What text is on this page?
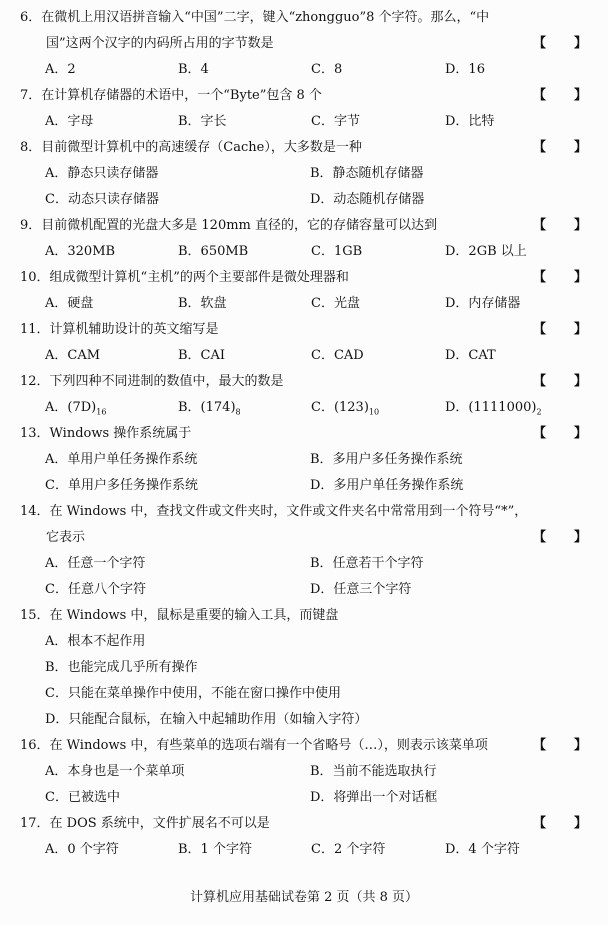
计算机应用基础试卷第 2 页（共 8 页）
6．在微机上用汉语拼音输入“中国”二字，键入“zhongguo”8 个字符。那么，“中
国”这两个汉字的内码所占用的字节数是	【 】
A．2	B．4	C．8	D．16
7．在计算机存储器的术语中，一个“Byte”包含 8 个	【 】
A．字母	B．字长	C．字节	D．比特
8．目前微型计算机中的高速缓存（Cache），大多数是一种	【 】
A．静态只读存储器	B．静态随机存储器
C．动态只读存储器	D．动态随机存储器
9．目前微机配置的光盘大多是 120mm 直径的，它的存储容量可以达到	【 】
A．320MB	B．650MB	C．1GB	D．2GB 以上
10．组成微型计算机“主机”的两个主要部件是微处理器和	【 】
A．硬盘	B．软盘	C．光盘	D．内存储器
11．计算机辅助设计的英文缩写是	【 】
A．CAM	B．CAI	C．CAD	D．CAT
12．下列四种不同进制的数值中，最大的数是	【 】
A．$(7D)_{16}$	B．$(174)_8$	C．$(123)_{10}$	D．$(1111000)_2$
13．Windows 操作系统属于	【 】
A．单用户单任务操作系统	B．多用户多任务操作系统
C．单用户多任务操作系统	D．多用户单任务操作系统
14．在 Windows 中，查找文件或文件夹时，文件或文件夹名中常常用到一个符号“*”，
它表示	【 】
A．任意一个字符	B．任意若干个字符
C．任意八个字符	D．任意三个字符
15．在 Windows 中，鼠标是重要的输入工具，而键盘
A．根本不起作用
B．也能完成几乎所有操作
C．只能在菜单操作中使用，不能在窗口操作中使用
D．只能配合鼠标，在输入中起辅助作用（如输入字符）
16．在 Windows 中，有些菜单的选项右端有一个省略号（…），则表示该菜单项	【 】
A．本身也是一个菜单项	B．当前不能选取执行
C．已被选中	D．将弹出一个对话框
17．在 DOS 系统中，文件扩展名不可以是	【 】
A．0 个字符	B．1 个字符	C．2 个字符	D．4 个字符
